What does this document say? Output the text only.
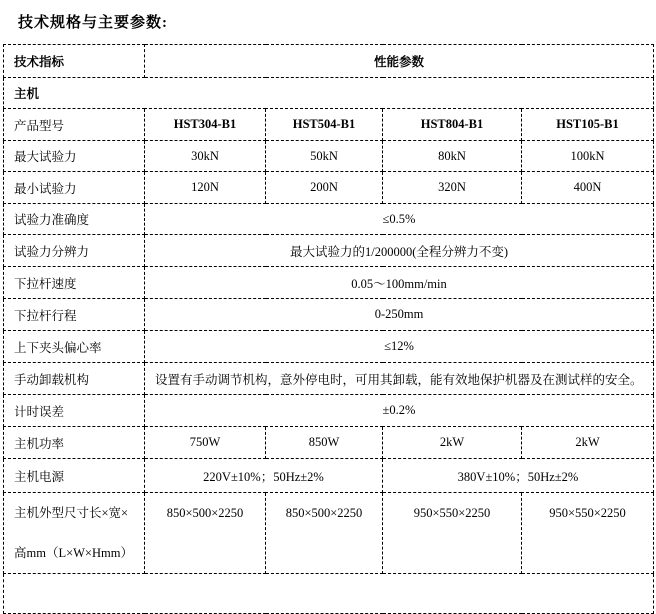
技术规格与主要参数:
技术指标	性能参数			
主机				
产品型号	HST304-B1	HST504-B1	HST804-B1	HST105-B1
最大试验力	30kN	50kN	80kN	100kN
最小试验力	120N	200N	320N	400N
试验力准确度	≤0.5%			
试验力分辨力	最大试验力的1/200000(全程分辨力不变)			
下拉杆速度	0.05～100mm/min			
下拉杆行程	0-250mm			
上下夹头偏心率	≤12%			
手动卸载机构	设置有手动调节机构，意外停电时，可用其卸载，能有效地保护机器及在测试样的安全。			
计时误差	±0.2%			
主机功率	750W	850W	2kW	2kW
主机电源	220V±10%；50Hz±2%		380V±10%；50Hz±2%	

主机外型尺寸长×宽×
高mm（L×W×Hmm）	850×500×2250	850×500×2250	950×550×2250	950×550×2250
